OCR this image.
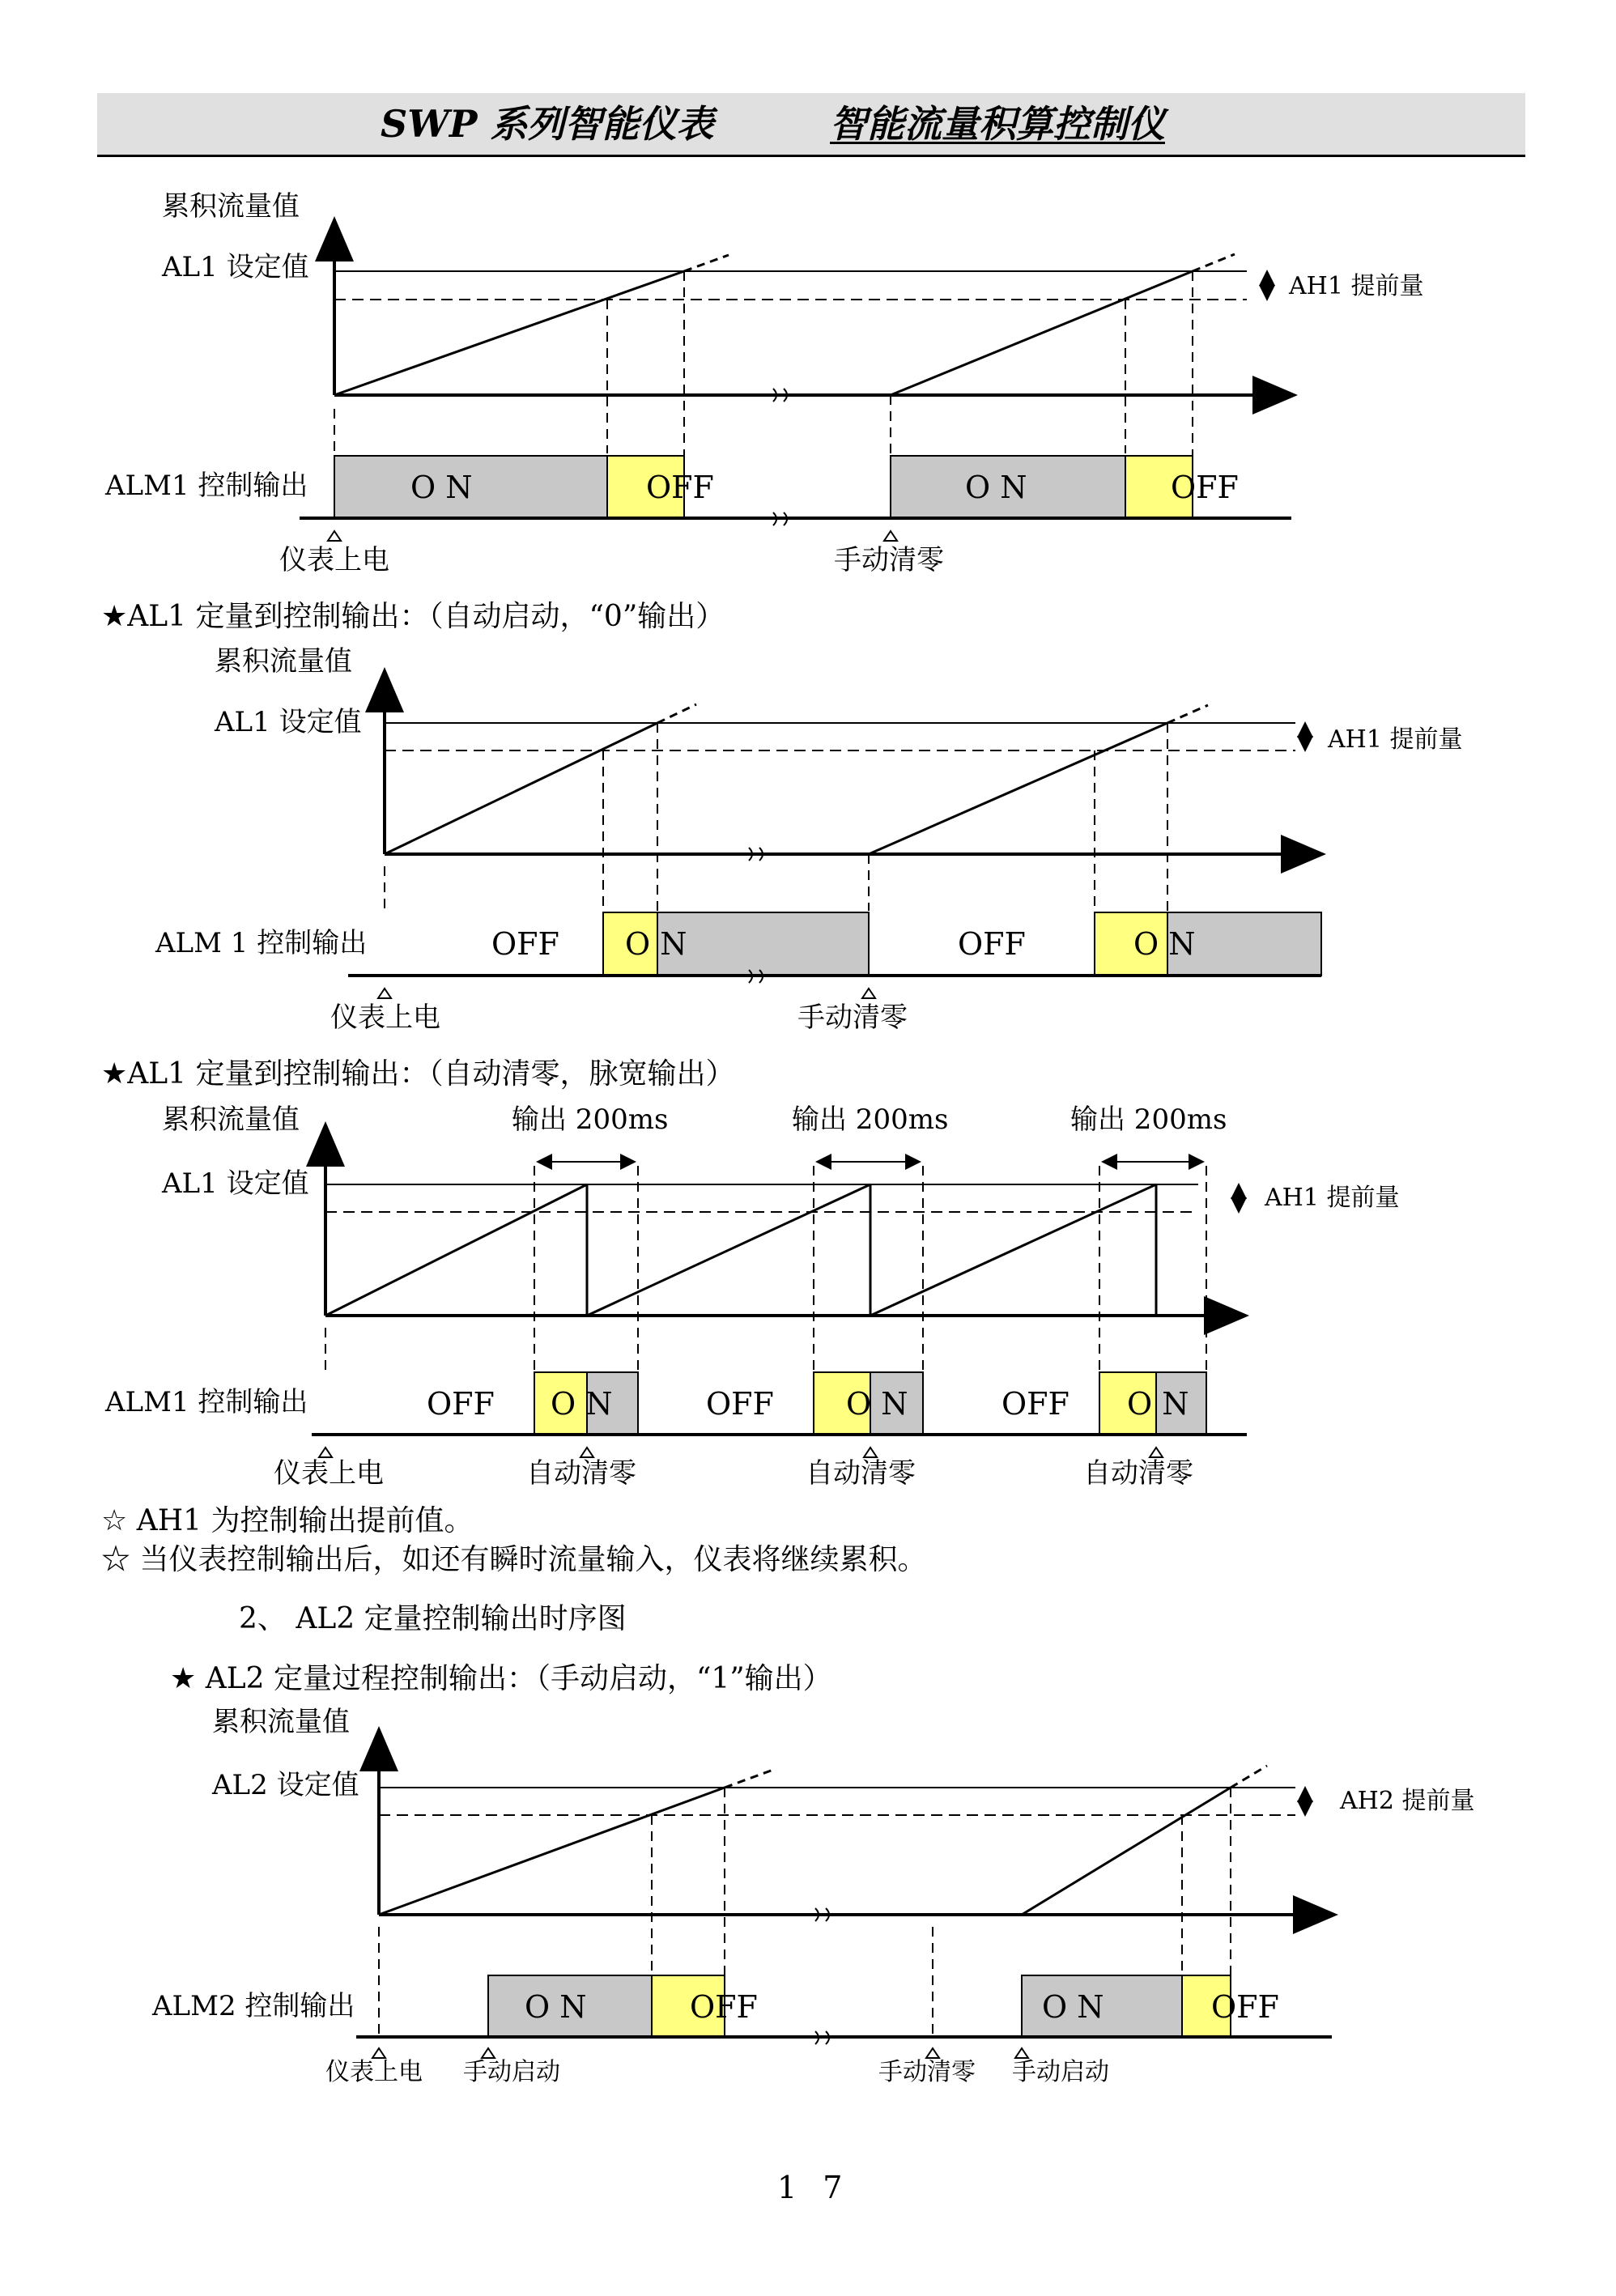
SWP 系列智能仪表	智能流量积算控制仪
累积流量值
AL1 设定值
AH1 提前量
ALM1 控制输出	O N	OFF	O N	OFF
仪表上电	手动清零
★AL1 定量到控制输出：（自动启动，“0”输出）
累积流量值
AL1 设定值
AH1 提前量
ALM 1 控制输出	OFF O N	OFF	O N
仪表上电	手动清零
★AL1 定量到控制输出：（自动清零，脉宽输出）
累积流量值	输出 200ms	输出 200ms	输出 200ms
AL1 设定值	AH1 提前量
ALM1 控制输出	OFF O N	OFF O N	OFF O N
仪表上电	自动清零	自动清零	自动清零
☆ AH1 为控制输出提前值。
☆ 当仪表控制输出后，如还有瞬时流量输入，仪表将继续累积。
2、 AL2 定量控制输出时序图
★ AL2 定量过程控制输出：（手动启动，“1”输出）
累积流量值
AL2 设定值	AH2 提前量
ALM2 控制输出	O N	OFF	O N	OFF
仪表上电 手动启动	手动清零 手动启动
1 7
